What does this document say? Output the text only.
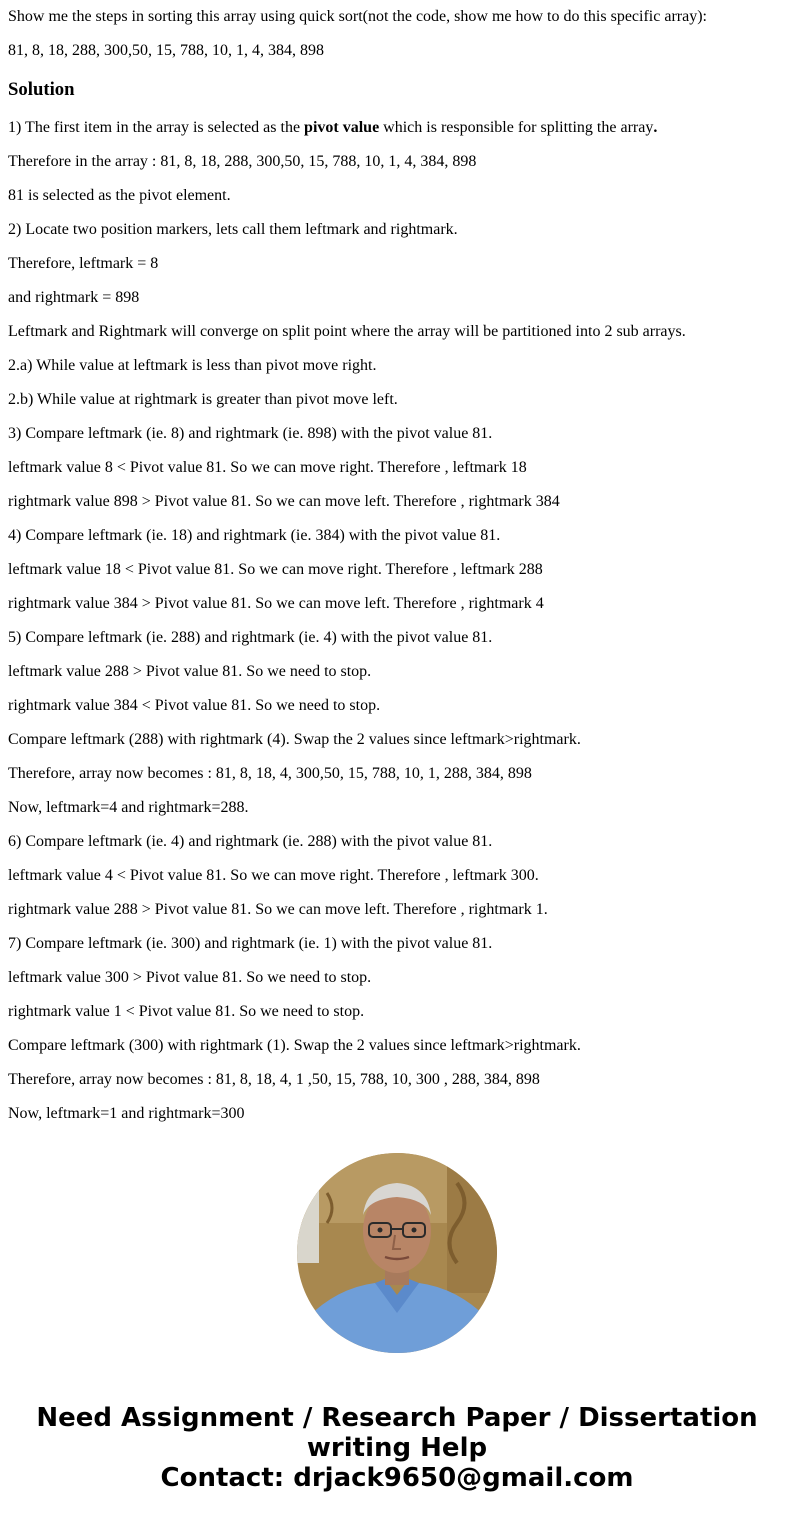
Show me the steps in sorting this array using quick sort(not the code, show me how to do this specific array):

81, 8, 18, 288, 300,50, 15, 788, 10, 1, 4, 384, 898

Solution

1) The first item in the array is selected as the pivot value which is responsible for splitting the array.

Therefore in the array : 81, 8, 18, 288, 300,50, 15, 788, 10, 1, 4, 384, 898

81 is selected as the pivot element.

2) Locate two position markers, lets call them leftmark and rightmark.

Therefore, leftmark = 8

and rightmark = 898

Leftmark and Rightmark will converge on split point where the array will be partitioned into 2 sub arrays.

2.a) While value at leftmark is less than pivot move right.

2.b) While value at rightmark is greater than pivot move left.

3) Compare leftmark (ie. 8) and rightmark (ie. 898) with the pivot value 81.

leftmark value 8 < Pivot value 81. So we can move right. Therefore , leftmark 18

rightmark value 898 > Pivot value 81. So we can move left. Therefore , rightmark 384

4) Compare leftmark (ie. 18) and rightmark (ie. 384) with the pivot value 81.

leftmark value 18 < Pivot value 81. So we can move right. Therefore , leftmark 288

rightmark value 384 > Pivot value 81. So we can move left. Therefore , rightmark 4

5) Compare leftmark (ie. 288) and rightmark (ie. 4) with the pivot value 81.

leftmark value 288 > Pivot value 81. So we need to stop.

rightmark value 384 < Pivot value 81. So we need to stop.

Compare leftmark (288) with rightmark (4). Swap the 2 values since leftmark>rightmark.

Therefore, array now becomes : 81, 8, 18, 4, 300,50, 15, 788, 10, 1, 288, 384, 898

Now, leftmark=4 and rightmark=288.

6) Compare leftmark (ie. 4) and rightmark (ie. 288) with the pivot value 81.

leftmark value 4 < Pivot value 81. So we can move right. Therefore , leftmark 300.

rightmark value 288 > Pivot value 81. So we can move left. Therefore , rightmark 1.

7) Compare leftmark (ie. 300) and rightmark (ie. 1) with the pivot value 81.

leftmark value 300 > Pivot value 81. So we need to stop.

rightmark value 1 < Pivot value 81. So we need to stop.

Compare leftmark (300) with rightmark (1). Swap the 2 values since leftmark>rightmark.

Therefore, array now becomes : 81, 8, 18, 4, 1 ,50, 15, 788, 10, 300 , 288, 384, 898

Now, leftmark=1 and rightmark=300

Need Assignment / Research Paper / Dissertation
writing Help
Contact: drjack9650@gmail.com
